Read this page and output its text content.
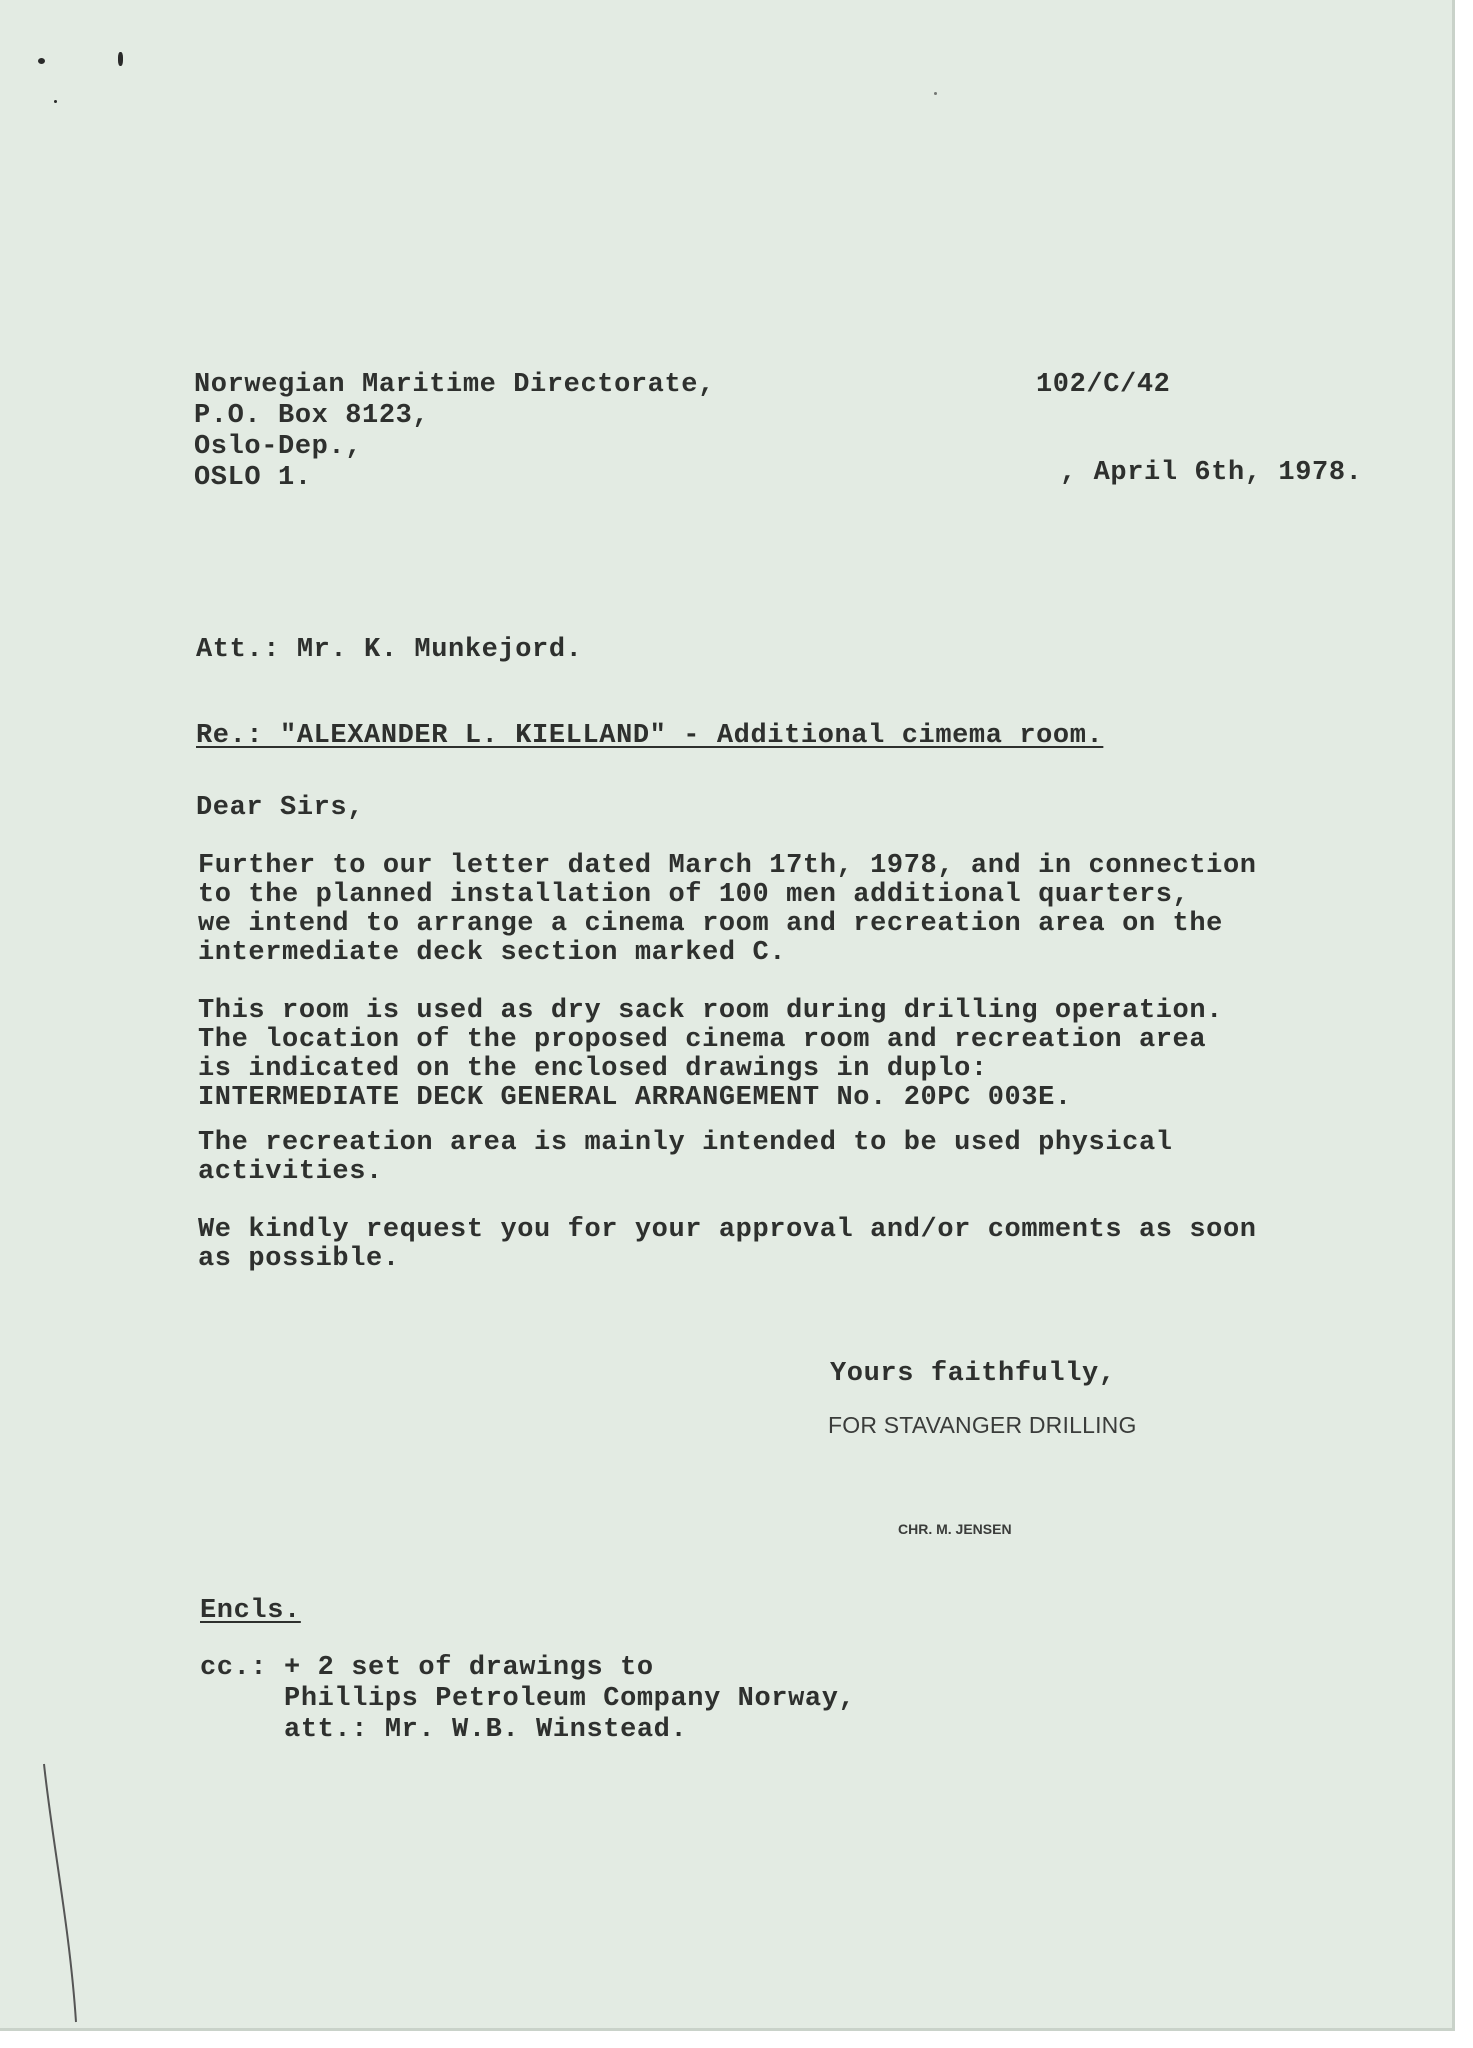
Norwegian Maritime Directorate,
P.O. Box 8123,
Oslo-Dep.,
OSLO 1.
102/C/42
, April 6th, 1978.
Att.: Mr. K. Munkejord.
Re.: "ALEXANDER L. KIELLAND" - Additional cimema room.
Dear Sirs,
Further to our letter dated March 17th, 1978, and in connection
to the planned installation of 100 men additional quarters,
we intend to arrange a cinema room and recreation area on the
intermediate deck section marked C.
This room is used as dry sack room during drilling operation.
The location of the proposed cinema room and recreation area
is indicated on the enclosed drawings in duplo:
INTERMEDIATE DECK GENERAL ARRANGEMENT No. 20PC 003E.
The recreation area is mainly intended to be used physical
activities.
We kindly request you for your approval and/or comments as soon
as possible.
Yours faithfully,
FOR STAVANGER DRILLING
CHR. M. JENSEN
Encls.
cc.: + 2 set of drawings to
Phillips Petroleum Company Norway,
att.: Mr. W.B. Winstead.
